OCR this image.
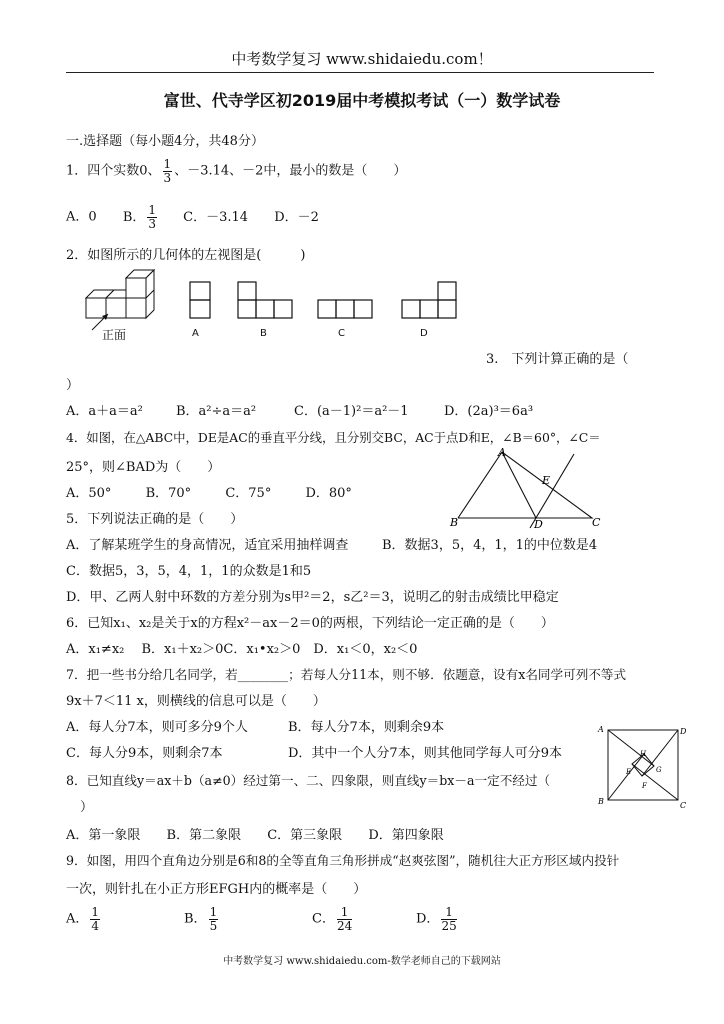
中考数学复习 www.shidaiedu.com！
富世、代寺学区初2019届中考模拟考试（一）数学试卷
一.选择题（每小题4分，共48分）
1．四个实数0、 $\frac{1}{3}$ 、－3.14、－2中，最小的数是（　　）
A．0 B． $\frac{1}{3}$ C．－3.14 D．－2
2．如图所示的几何体的左视图是(　　　)
正面	A	B	C	D
3.　下列计算正确的是（
）
A．a＋a＝a²	B．a²÷a＝a²	C．(a－1)²＝a²－1	D．(2a)³＝6a³
4．如图，在△ABC中，DE是AC的垂直平分线，且分别交BC，AC于点D和E，∠B＝60°，∠C＝
25°，则∠BAD为（　　）
A．50°	B．70°	C．75°	D．80°
A
B	C
D
E
5．下列说法正确的是（　　）
A．了解某班学生的身高情况，适宜采用抽样调查	B．数据3，5，4，1，1的中位数是4
C．数据5，3，5，4，1，1的众数是1和5
D．甲、乙两人射中环数的方差分别为s甲²＝2，s乙²＝3，说明乙的射击成绩比甲稳定
6．已知x₁、x₂是关于x的方程x²－ax－2＝0的两根，下列结论一定正确的是（　　）
A．x₁≠x₂　 B．x₁＋x₂＞0C．x₁•x₂＞0　D．x₁＜0，x₂＜0
7．把一些书分给几名同学，若________；若每人分11本，则不够．依题意，设有x名同学可列不等式
9x＋7＜11 x，则横线的信息可以是（　　）
A．每人分7本，则可多分9个人	B．每人分7本，则剩余9本
C．每人分9本，则剩余7本	D．其中一个人分7本，则其他同学每人可分9本
A	D
B	C
H
E	G
F
8．已知直线y＝ax＋b（a≠0）经过第一、二、四象限，则直线y＝bx－a一定不经过（
）
A．第一象限 B．第二象限 C．第三象限 D．第四象限
9．如图，用四个直角边分别是6和8的全等直角三角形拼成“赵爽弦图”，随机往大正方形区域内投针
一次，则针扎在小正方形EFGH内的概率是（　　）
A． $\frac{1}{4}$	B． $\frac{1}{5}$	C． $\frac{1}{24}$	D． $\frac{1}{25}$
中考数学复习 www.shidaiedu.com-数学老师自己的下载网站
